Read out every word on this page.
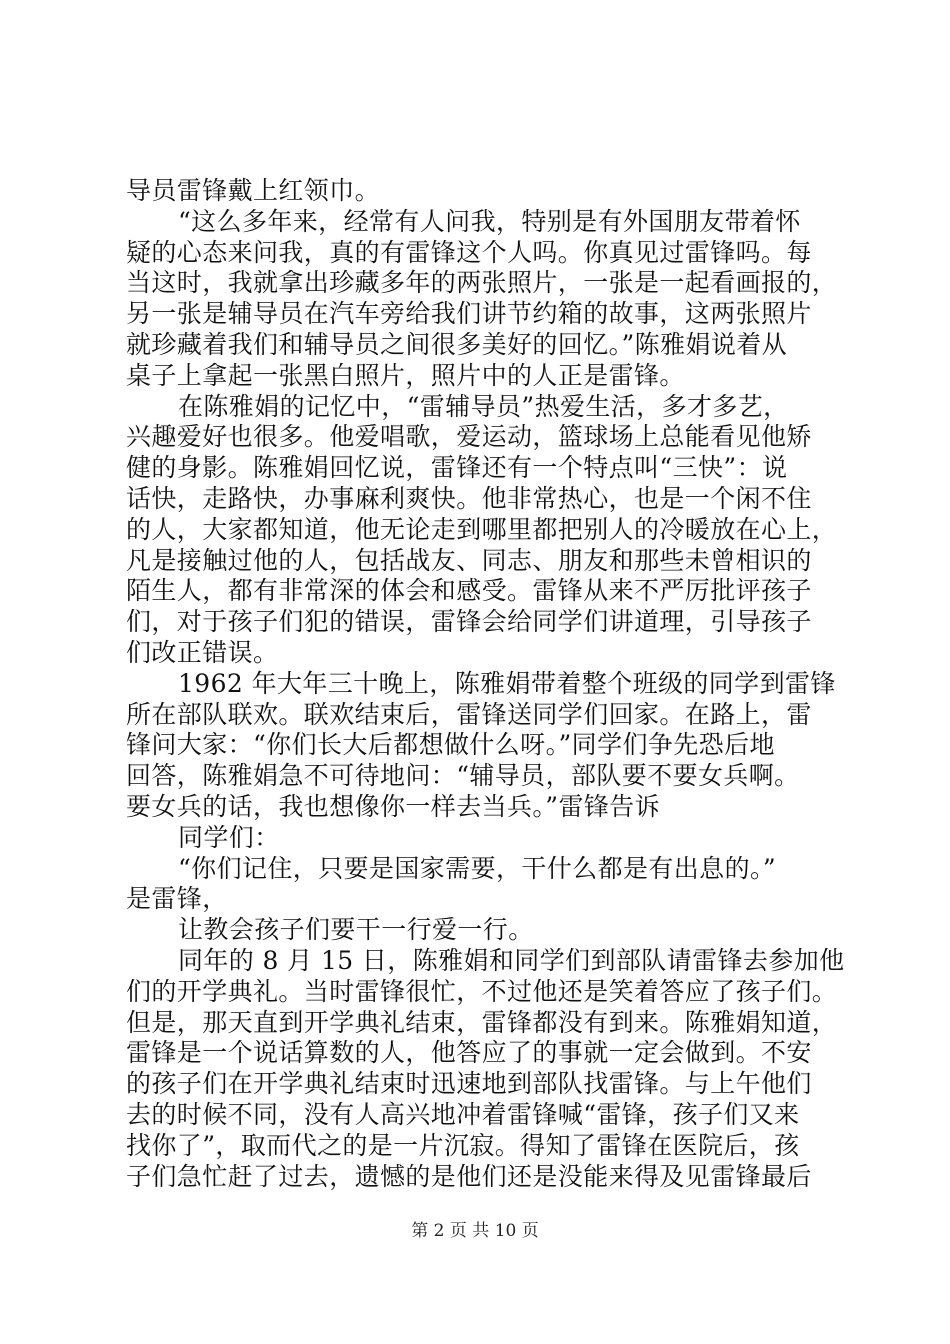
导员雷锋戴上红领巾。
“这么多年来，经常有人问我，特别是有外国朋友带着怀
疑的心态来问我，真的有雷锋这个人吗。你真见过雷锋吗。每
当这时，我就拿出珍藏多年的两张照片，一张是一起看画报的，
另一张是辅导员在汽车旁给我们讲节约箱的故事，这两张照片
就珍藏着我们和辅导员之间很多美好的回忆。”陈雅娟说着从
桌子上拿起一张黑白照片，照片中的人正是雷锋。
在陈雅娟的记忆中，“雷辅导员”热爱生活，多才多艺，
兴趣爱好也很多。他爱唱歌，爱运动，篮球场上总能看见他矫
健的身影。陈雅娟回忆说，雷锋还有一个特点叫“三快”：说
话快，走路快，办事麻利爽快。他非常热心，也是一个闲不住
的人，大家都知道，他无论走到哪里都把别人的冷暖放在心上，
凡是接触过他的人，包括战友、同志、朋友和那些未曾相识的
陌生人，都有非常深的体会和感受。雷锋从来不严厉批评孩子
们，对于孩子们犯的错误，雷锋会给同学们讲道理，引导孩子
们改正错误。
1962 年大年三十晚上，陈雅娟带着整个班级的同学到雷锋
所在部队联欢。联欢结束后，雷锋送同学们回家。在路上，雷
锋问大家：“你们长大后都想做什么呀。”同学们争先恐后地
回答，陈雅娟急不可待地问：“辅导员，部队要不要女兵啊。
要女兵的话，我也想像你一样去当兵。”雷锋告诉
同学们：
“你们记住，只要是国家需要，干什么都是有出息的。”
是雷锋，
让教会孩子们要干一行爱一行。
同年的 8 月 15 日，陈雅娟和同学们到部队请雷锋去参加他
们的开学典礼。当时雷锋很忙，不过他还是笑着答应了孩子们。
但是，那天直到开学典礼结束，雷锋都没有到来。陈雅娟知道，
雷锋是一个说话算数的人，他答应了的事就一定会做到。不安
的孩子们在开学典礼结束时迅速地到部队找雷锋。与上午他们
去的时候不同，没有人高兴地冲着雷锋喊“雷锋，孩子们又来
找你了”，取而代之的是一片沉寂。得知了雷锋在医院后，孩
子们急忙赶了过去，遗憾的是他们还是没能来得及见雷锋最后
第 2 页 共 10 页
